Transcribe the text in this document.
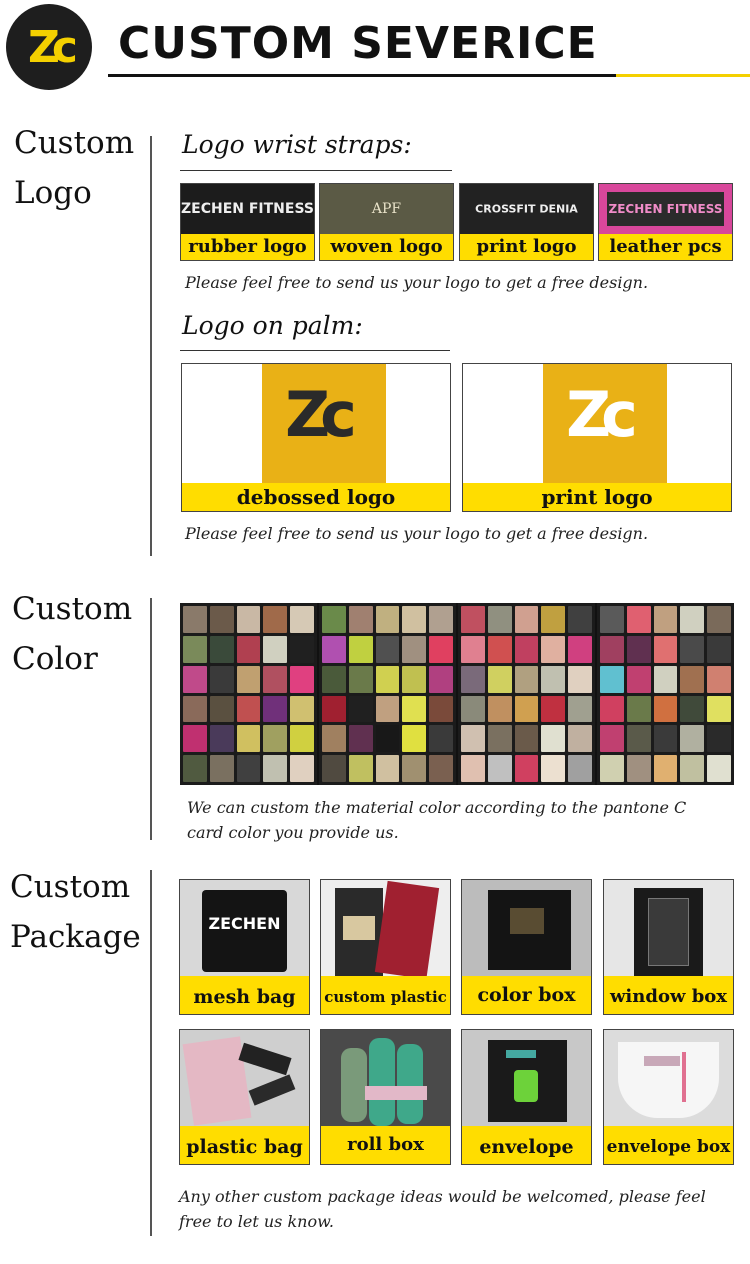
Zc CUSTOM SEVERICE
Custom
Logo
Logo wrist straps:
ZECHEN FITNESS
rubber logo
APF
woven logo
CROSSFIT DENIA
print logo
ZECHEN FITNESS
leather pcs
Please feel free to send us your logo to get a free design.
Logo on palm:
Zc
debossed logo
Zc
print logo
Please feel free to send us your logo to get a free design.
Custom
Color
We can custom the material color according to the pantone C card color you provide us.
Custom
Package	ZECHEN
mesh bag	custom plastic	color box	window box
plastic bag	roll box	envelope	envelope box
Any other custom package ideas would be welcomed, please feel free to let us know.
